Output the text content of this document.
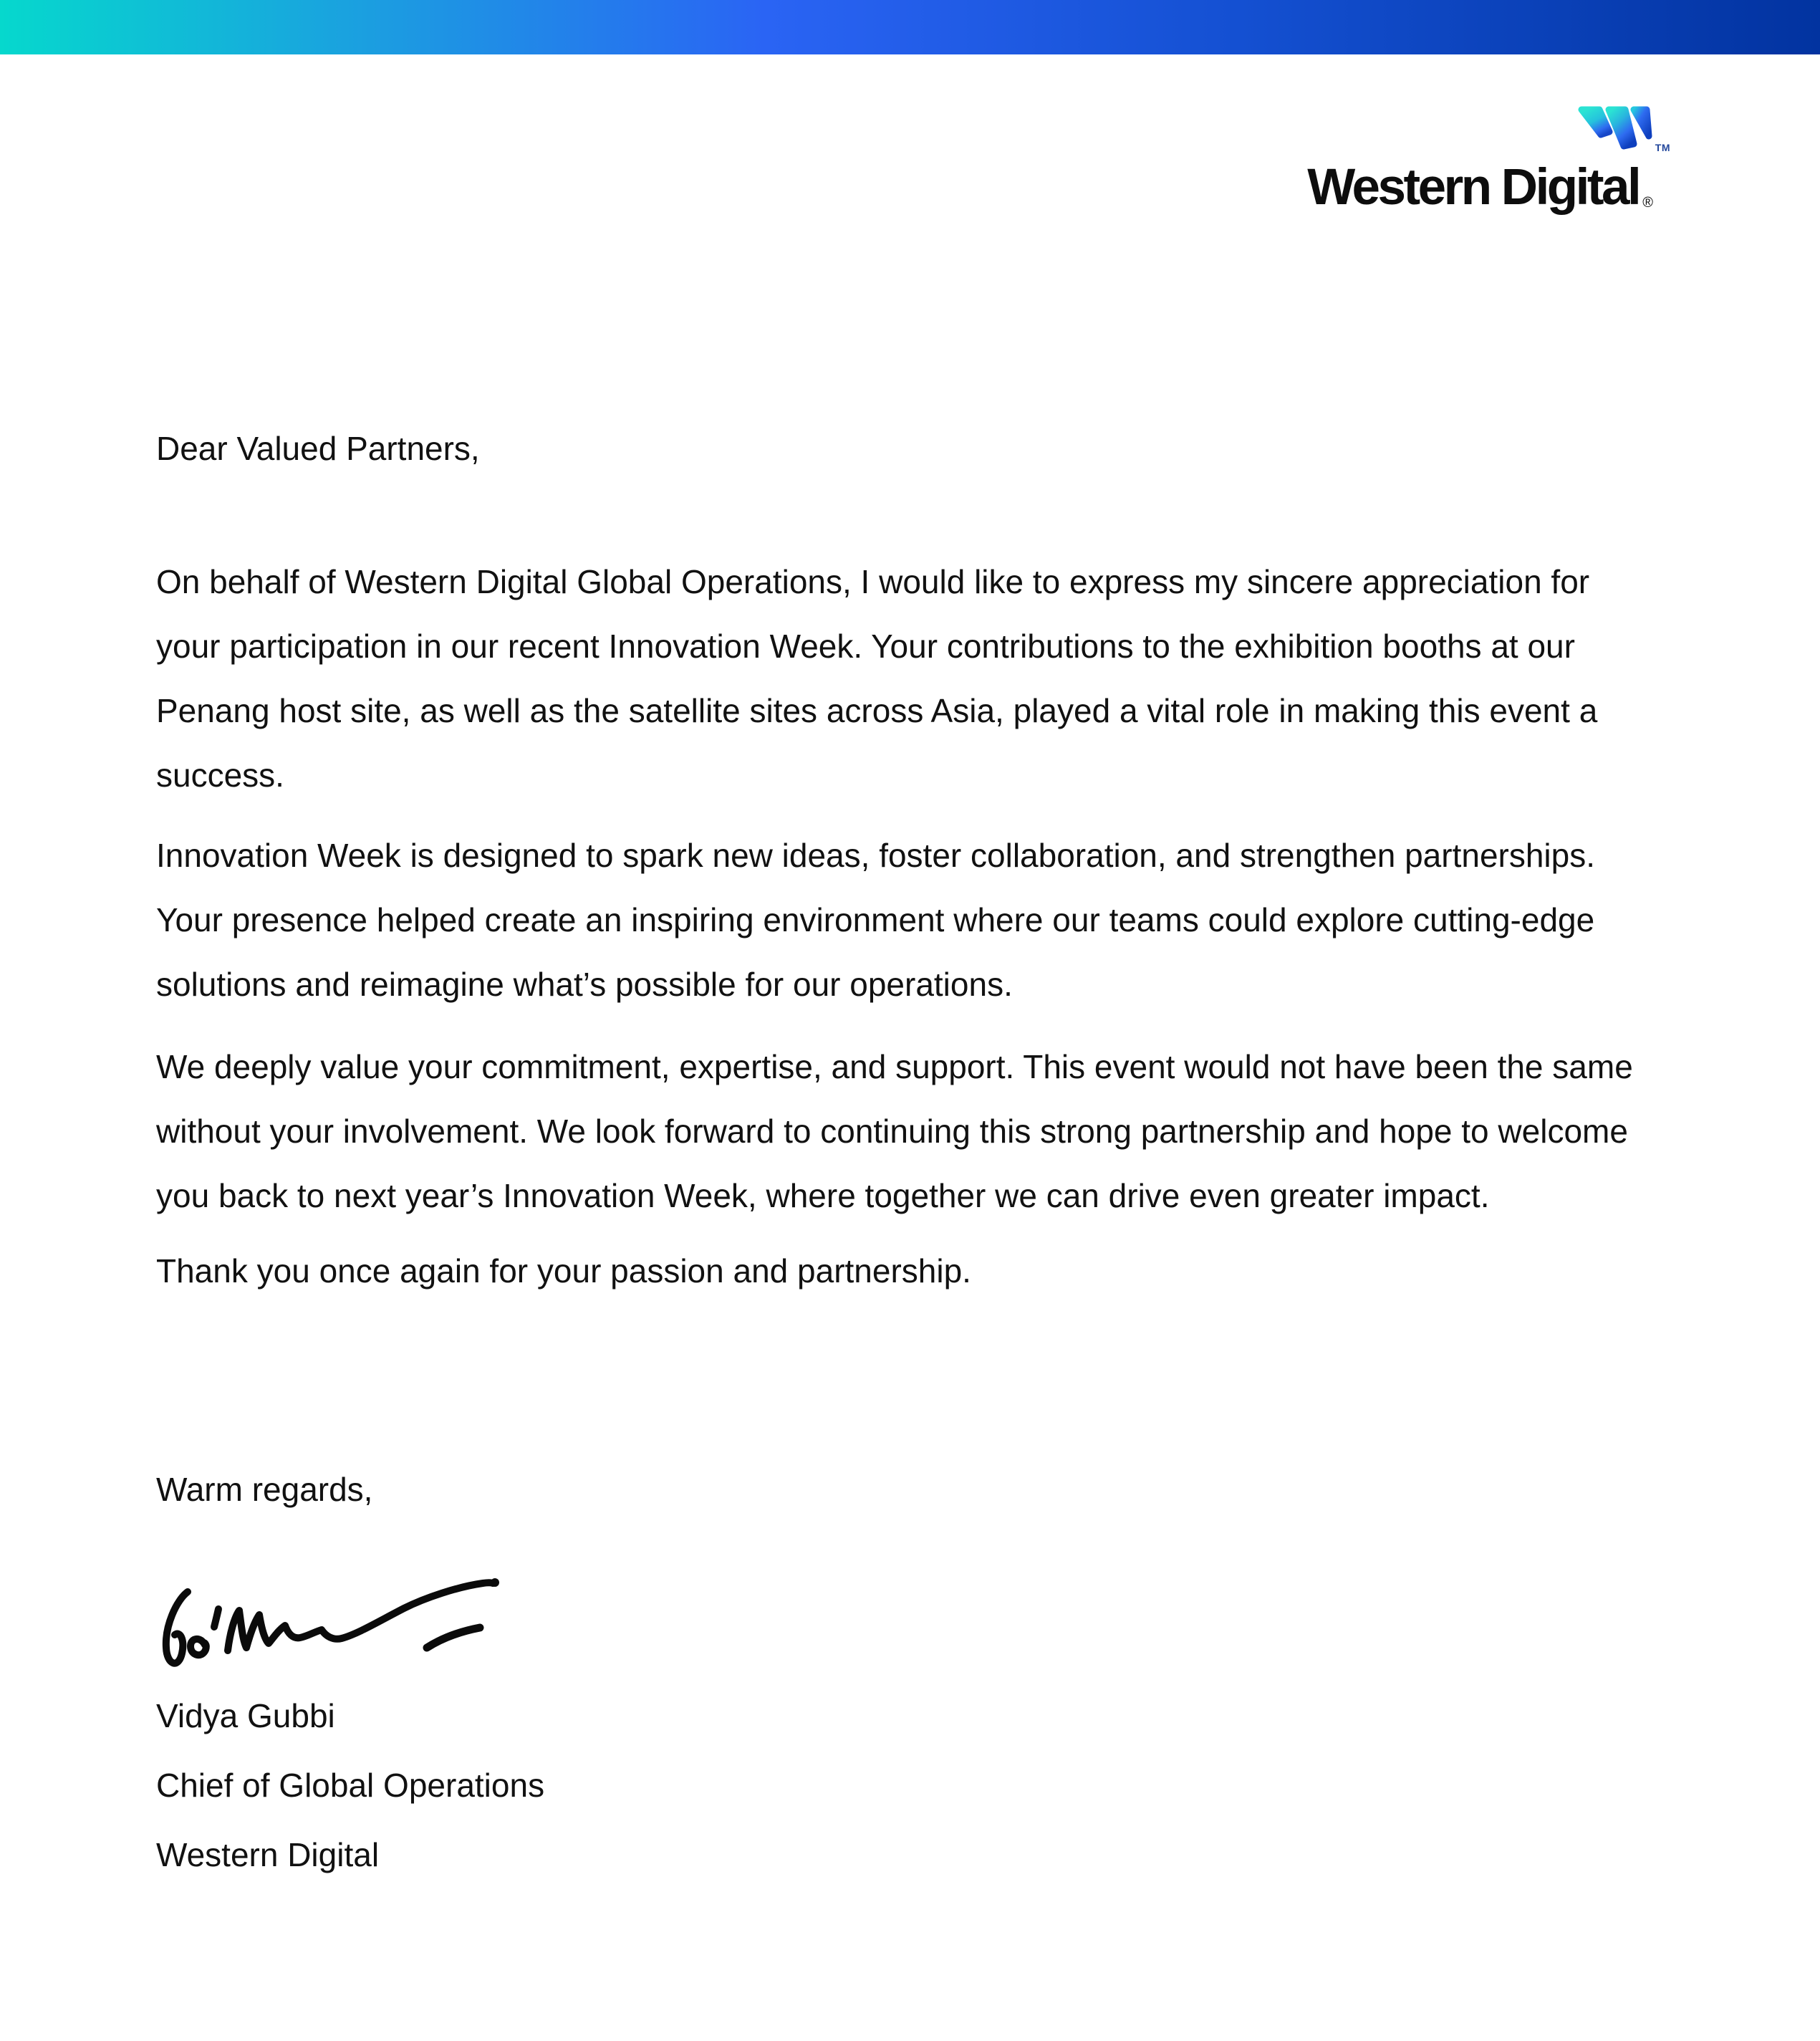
TM
Western Digital ®

Dear Valued Partners,

On behalf of Western Digital Global Operations, I would like to express my sincere appreciation for your participation in our recent Innovation Week. Your contributions to the exhibition booths at our Penang host site, as well as the satellite sites across Asia, played a vital role in making this event a success.

Innovation Week is designed to spark new ideas, foster collaboration, and strengthen partnerships. Your presence helped create an inspiring environment where our teams could explore cutting-edge solutions and reimagine what’s possible for our operations.

We deeply value your commitment, expertise, and support. This event would not have been the same without your involvement. We look forward to continuing this strong partnership and hope to welcome you back to next year’s Innovation Week, where together we can drive even greater impact.

Thank you once again for your passion and partnership.

Warm regards,

Vidya Gubbi

Chief of Global Operations

Western Digital
